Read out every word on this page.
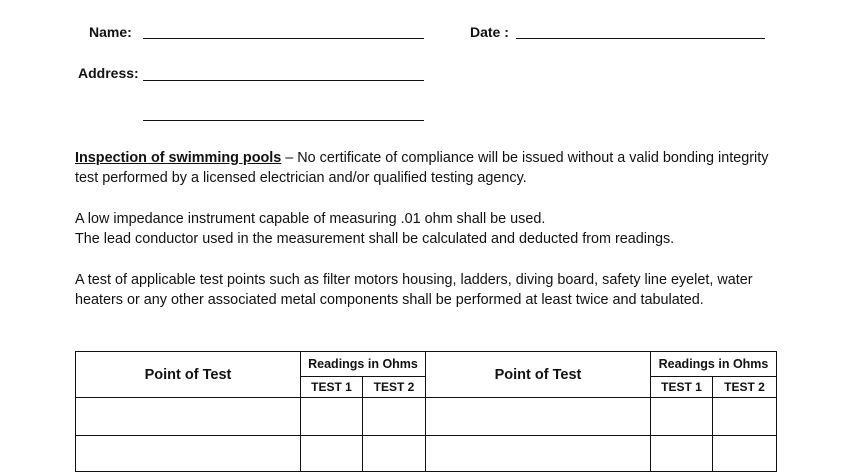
Name:	Date :
Address:

Inspection of swimming pools – No certificate of compliance will be issued without a valid bonding integrity test performed by a licensed electrician and/or qualified testing agency.

A low impedance instrument capable of measuring .01 ohm shall be used.

The lead conductor used in the measurement shall be calculated and deducted from readings.

A test of applicable test points such as filter motors housing, ladders, diving board, safety line eyelet, water heaters or any other associated metal components shall be performed at least twice and tabulated.

Point of Test	Readings in Ohms		Point of Test	Readings in Ohms	
	TEST 1	TEST 2		TEST 1	TEST 2
